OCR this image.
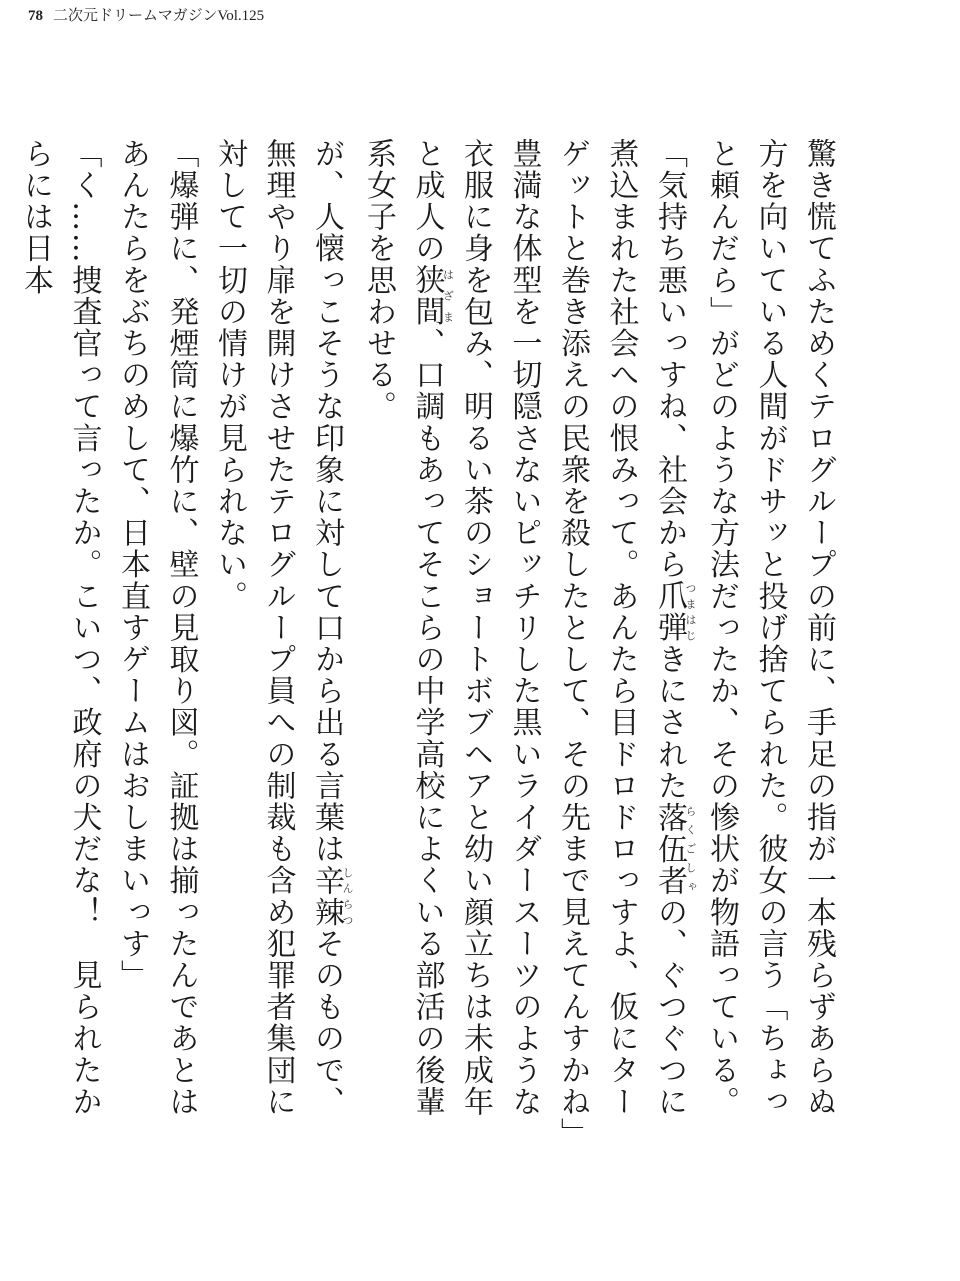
78 二次元ドリームマガジンVol.125

驚き慌てふためくテログループの前に、手足の指が一本残らずあらぬ方を向いている人間がドサッと投げ捨てられた。彼女の言う「ちょっと頼んだら」がどのような方法だったか、その惨状が物語っている。

「気持ち悪いっすね、社会から爪弾つまはじきにされた落伍者らくごしゃの、ぐつぐつに煮込まれた社会への恨みって。あんたら目ドロドロっすよ、仮にターゲットと巻き添えの民衆を殺したとして、その先まで見えてんすかね」

豊満な体型を一切隠さないピッチリした黒いライダースーツのような衣服に身を包み、明るい茶のショートボブヘアと幼い顔立ちは未成年と成人の狭間はざま、口調もあってそこらの中学高校によくいる部活の後輩系女子を思わせる。

が、人懐っこそうな印象に対して口から出る言葉は辛辣しんらつそのもので、無理やり扉を開けさせたテログループ員への制裁も含め犯罪者集団に対して一切の情けが見られない。

「爆弾に、発煙筒に爆竹に、壁の見取り図。証拠は揃ったんであとはあんたらをぶちのめして、日本直すゲームはおしまいっす」

「く……捜査官って言ったか。こいつ、政府の犬だな！　見られたからには日本
